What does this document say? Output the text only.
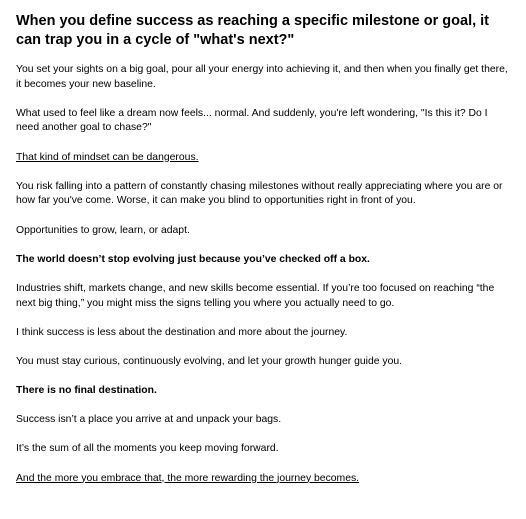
When you define success as reaching a specific milestone or goal, it can trap you in a cycle of "what's next?"

You set your sights on a big goal, pour all your energy into achieving it, and then when you finally get there, it becomes your new baseline.

What used to feel like a dream now feels... normal. And suddenly, you're left wondering, "Is this it? Do I need another goal to chase?"

That kind of mindset can be dangerous.

You risk falling into a pattern of constantly chasing milestones without really appreciating where you are or how far you've come. Worse, it can make you blind to opportunities right in front of you.

Opportunities to grow, learn, or adapt.

The world doesn’t stop evolving just because you’ve checked off a box.

Industries shift, markets change, and new skills become essential. If you’re too focused on reaching “the next big thing,” you might miss the signs telling you where you actually need to go.

I think success is less about the destination and more about the journey.

You must stay curious, continuously evolving, and let your growth hunger guide you.

There is no final destination.

Success isn’t a place you arrive at and unpack your bags.

It’s the sum of all the moments you keep moving forward.

And the more you embrace that, the more rewarding the journey becomes.
